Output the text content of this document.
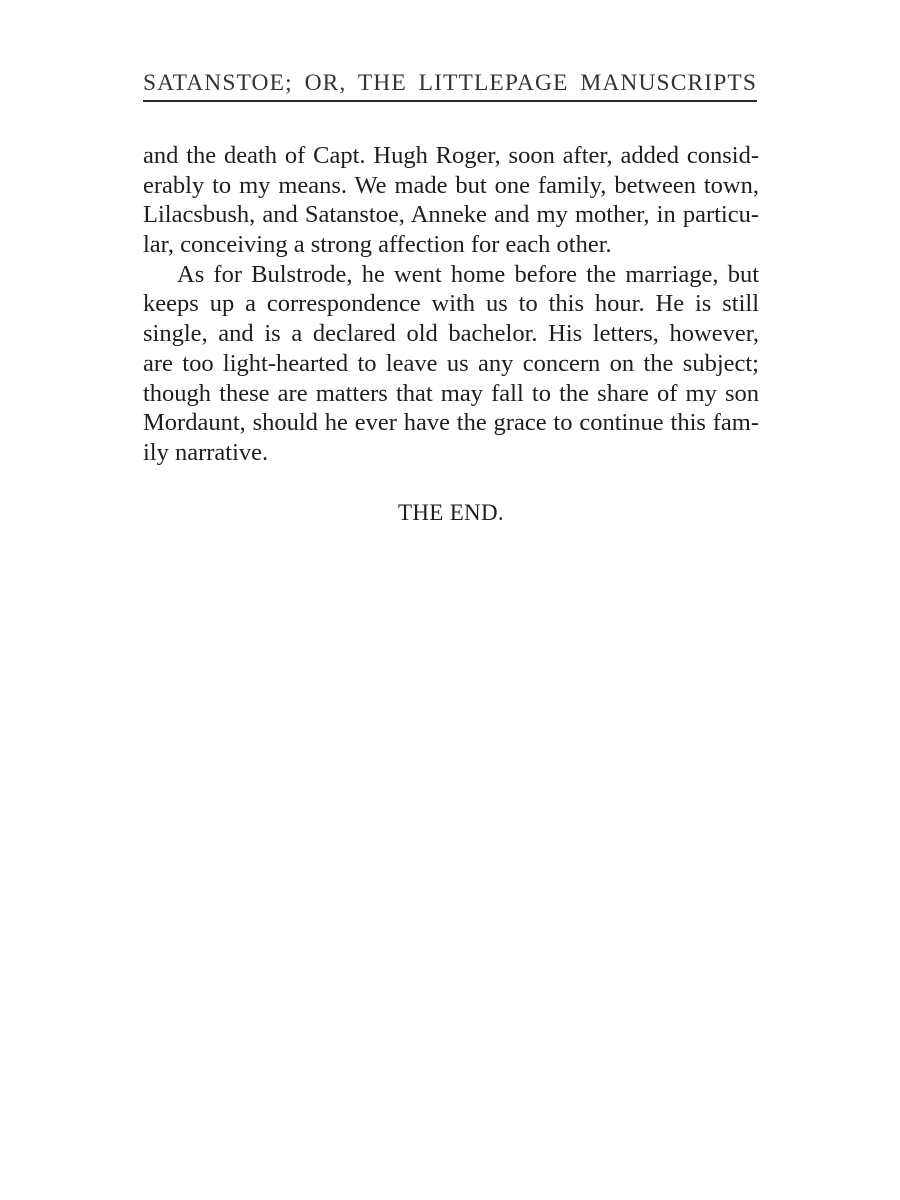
SATANSTOE; OR, THE LITTLEPAGE MANUSCRIPTS

and the death of Capt. Hugh Roger, soon after, added consid-
erably to my means. We made but one family, between town,
Lilacsbush, and Satanstoe, Anneke and my mother, in particu-
lar, conceiving a strong affection for each other.

As for Bulstrode, he went home before the marriage, but
keeps up a correspondence with us to this hour. He is still
single, and is a declared old bachelor. His letters, however,
are too light-hearted to leave us any concern on the subject;
though these are matters that may fall to the share of my son
Mordaunt, should he ever have the grace to continue this fam-
ily narrative.

THE END.
